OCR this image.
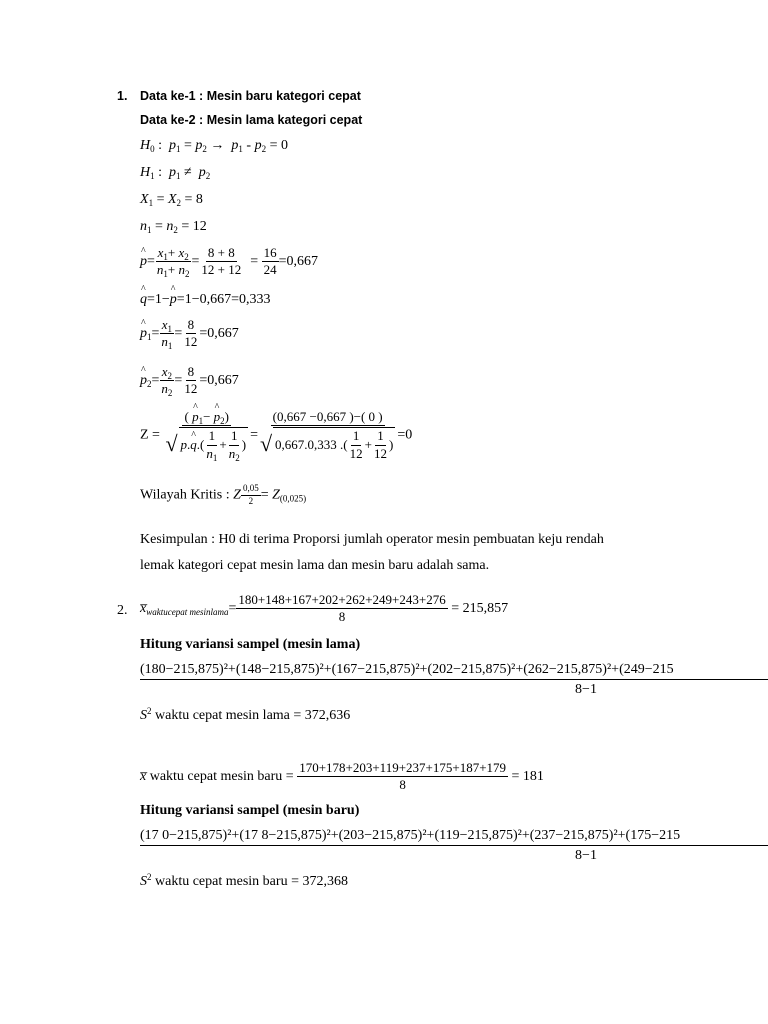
1. Data ke-1 : Mesin baru kategori cepat
Data ke-2 : Mesin lama kategori cepat
$H_0$ :  $p_1 = p_2 \to p_1 - p_2 = 0$
$H_1$ :  $p_1 \ne p_2$
$X_1 = X_2 = 8$
$n_1 = n_2 = 12$
^ $p= \frac{x_1+ x_2}{n_1+ n_2} = \frac{8 + 8}{12 + 12} = \frac{16}{24} =0,667$
^ q=1−^ p=1−0,667=0,333
^ $p_1= \frac{x_1}{n_1} = \frac{8}{12} =0,667$
^ $p_2= \frac{x_2}{n_2} = \frac{8}{12} =0,667$
Z = ( ^ $p_1-$ ^ $p_2$)
√ p .
^ q .( $\frac{1}{n_1} + \frac{1}{n_2}$ ) = $\frac{(0,667 -0,667 )-( 0 )}{√ 0,667.0,333 .( \frac{1}{12} + \frac{1}{12} )} =0$
Wilayah Kritis : Z $\frac{0,05}{2} = Z_{(0,025)}$
Kesimpulan : H0 di terima Proporsi jumlah operator mesin pembuatan keju rendah
lemak kategori cepat mesin lama dan mesin baru adalah sama.
2. $x̅_{waktucepat mesinlama}= \frac{180+148+167+202+262+249+243+276}{8} = 215,857$
Hitung variansi sampel (mesin lama)
(180−215,875)²+(148−215,875)²+(167−215,875)²+(202−215,875)²+(262−215,875)²+(249−215
8−1
$S^2$ waktu cepat mesin lama = 372,636
x̅ waktu cepat mesin baru = $\frac{170+178+203+119+237+175+187+179}{8} = 181$
Hitung variansi sampel (mesin baru)
(17 0−215,875)²+(17 8−215,875)²+(203−215,875)²+(119−215,875)²+(237−215,875)²+(175−215
8−1
$S^2$ waktu cepat mesin baru = 372,368
